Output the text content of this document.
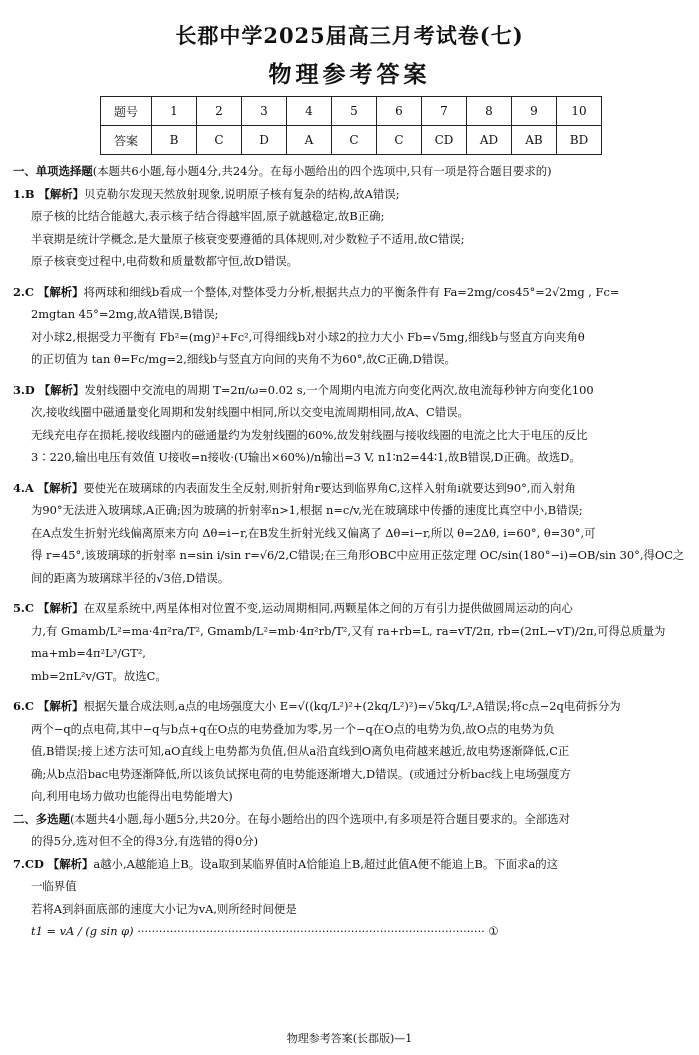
长郡中学2025届高三月考试卷(七)
物理参考答案
题号	1	2	3	4	5	6	7	8	9	10
答案	B	C	D	A	C	C	CD	AD	AB	BD

一、单项选择题(本题共6小题,每小题4分,共24分。在每小题给出的四个选项中,只有一项是符合题目要求的)

1.B 【解析】贝克勒尔发现天然放射现象,说明原子核有复杂的结构,故A错误;

原子核的比结合能越大,表示核子结合得越牢固,原子就越稳定,故B正确;

半衰期是统计学概念,是大量原子核衰变要遵循的具体规则,对少数粒子不适用,故C错误;

原子核衰变过程中,电荷数和质量数都守恒,故D错误。

2.C 【解析】将两球和细线b看成一个整体,对整体受力分析,根据共点力的平衡条件有 Fa=2mg/cos45°=2√2mg , Fc=

2mgtan 45°=2mg,故A错误,B错误;

对小球2,根据受力平衡有 Fb²=(mg)²+Fc²,可得细线b对小球2的拉力大小 Fb=√5mg,细线b与竖直方向夹角θ

的正切值为 tan θ=Fc/mg=2,细线b与竖直方向间的夹角不为60°,故C正确,D错误。

3.D 【解析】发射线圈中交流电的周期 T=2π/ω=0.02 s,一个周期内电流方向变化两次,故电流每秒钟方向变化100

次,接收线圈中磁通量变化周期和发射线圈中相同,所以交变电流周期相同,故A、C错误。

无线充电存在损耗,接收线圈内的磁通量约为发射线圈的60%,故发射线圈与接收线圈的电流之比大于电压的反比

3∶220,输出电压有效值 U接收=n接收·(U输出×60%)/n输出=3 V, n1∶n2=44∶1,故B错误,D正确。故选D。

4.A 【解析】要使光在玻璃球的内表面发生全反射,则折射角r要达到临界角C,这样入射角i就要达到90°,而入射角

为90°无法进入玻璃球,A正确;因为玻璃的折射率n>1,根据 n=c/v,光在玻璃球中传播的速度比真空中小,B错误;

在A点发生折射光线偏离原来方向 Δθ=i−r,在B发生折射光线又偏离了 Δθ=i−r,所以 θ=2Δθ, i=60°, θ=30°,可

得 r=45°,该玻璃球的折射率 n=sin i/sin r=√6/2,C错误;在三角形OBC中应用正弦定理 OC/sin(180°−i)=OB/sin 30°,得OC之

间的距离为玻璃球半径的√3倍,D错误。

5.C 【解析】在双星系统中,两星体相对位置不变,运动周期相同,两颗星体之间的万有引力提供做圆周运动的向心

力,有 Gmamb/L²=ma·4π²ra/T², Gmamb/L²=mb·4π²rb/T²,又有 ra+rb=L, ra=vT/2π, rb=(2πL−vT)/2π,可得总质量为 ma+mb=4π²L³/GT²,

mb=2πL²v/GT。故选C。

6.C 【解析】根据矢量合成法则,a点的电场强度大小 E=√((kq/L²)²+(2kq/L²)²)=√5kq/L²,A错误;将c点−2q电荷拆分为

两个−q的点电荷,其中−q与b点+q在O点的电势叠加为零,另一个−q在O点的电势为负,故O点的电势为负

值,B错误;接上述方法可知,aO直线上电势都为负值,但从a沿直线到O离负电荷越来越近,故电势逐渐降低,C正

确;从b点沿bac电势逐渐降低,所以该负试探电荷的电势能逐渐增大,D错误。(或通过分析bac线上电场强度方

向,利用电场力做功也能得出电势能增大)

二、多选题(本题共4小题,每小题5分,共20分。在每小题给出的四个选项中,有多项是符合题目要求的。全部选对

的得5分,选对但不全的得3分,有选错的得0分)

7.CD 【解析】a越小,A越能追上B。设a取到某临界值时A恰能追上B,超过此值A便不能追上B。下面求a的这

一临界值

若将A到斜面底部的速度大小记为vA,则所经时间便是

t1 = vA / (g sin φ) ································································································ ①

物理参考答案(长郡版)—1
